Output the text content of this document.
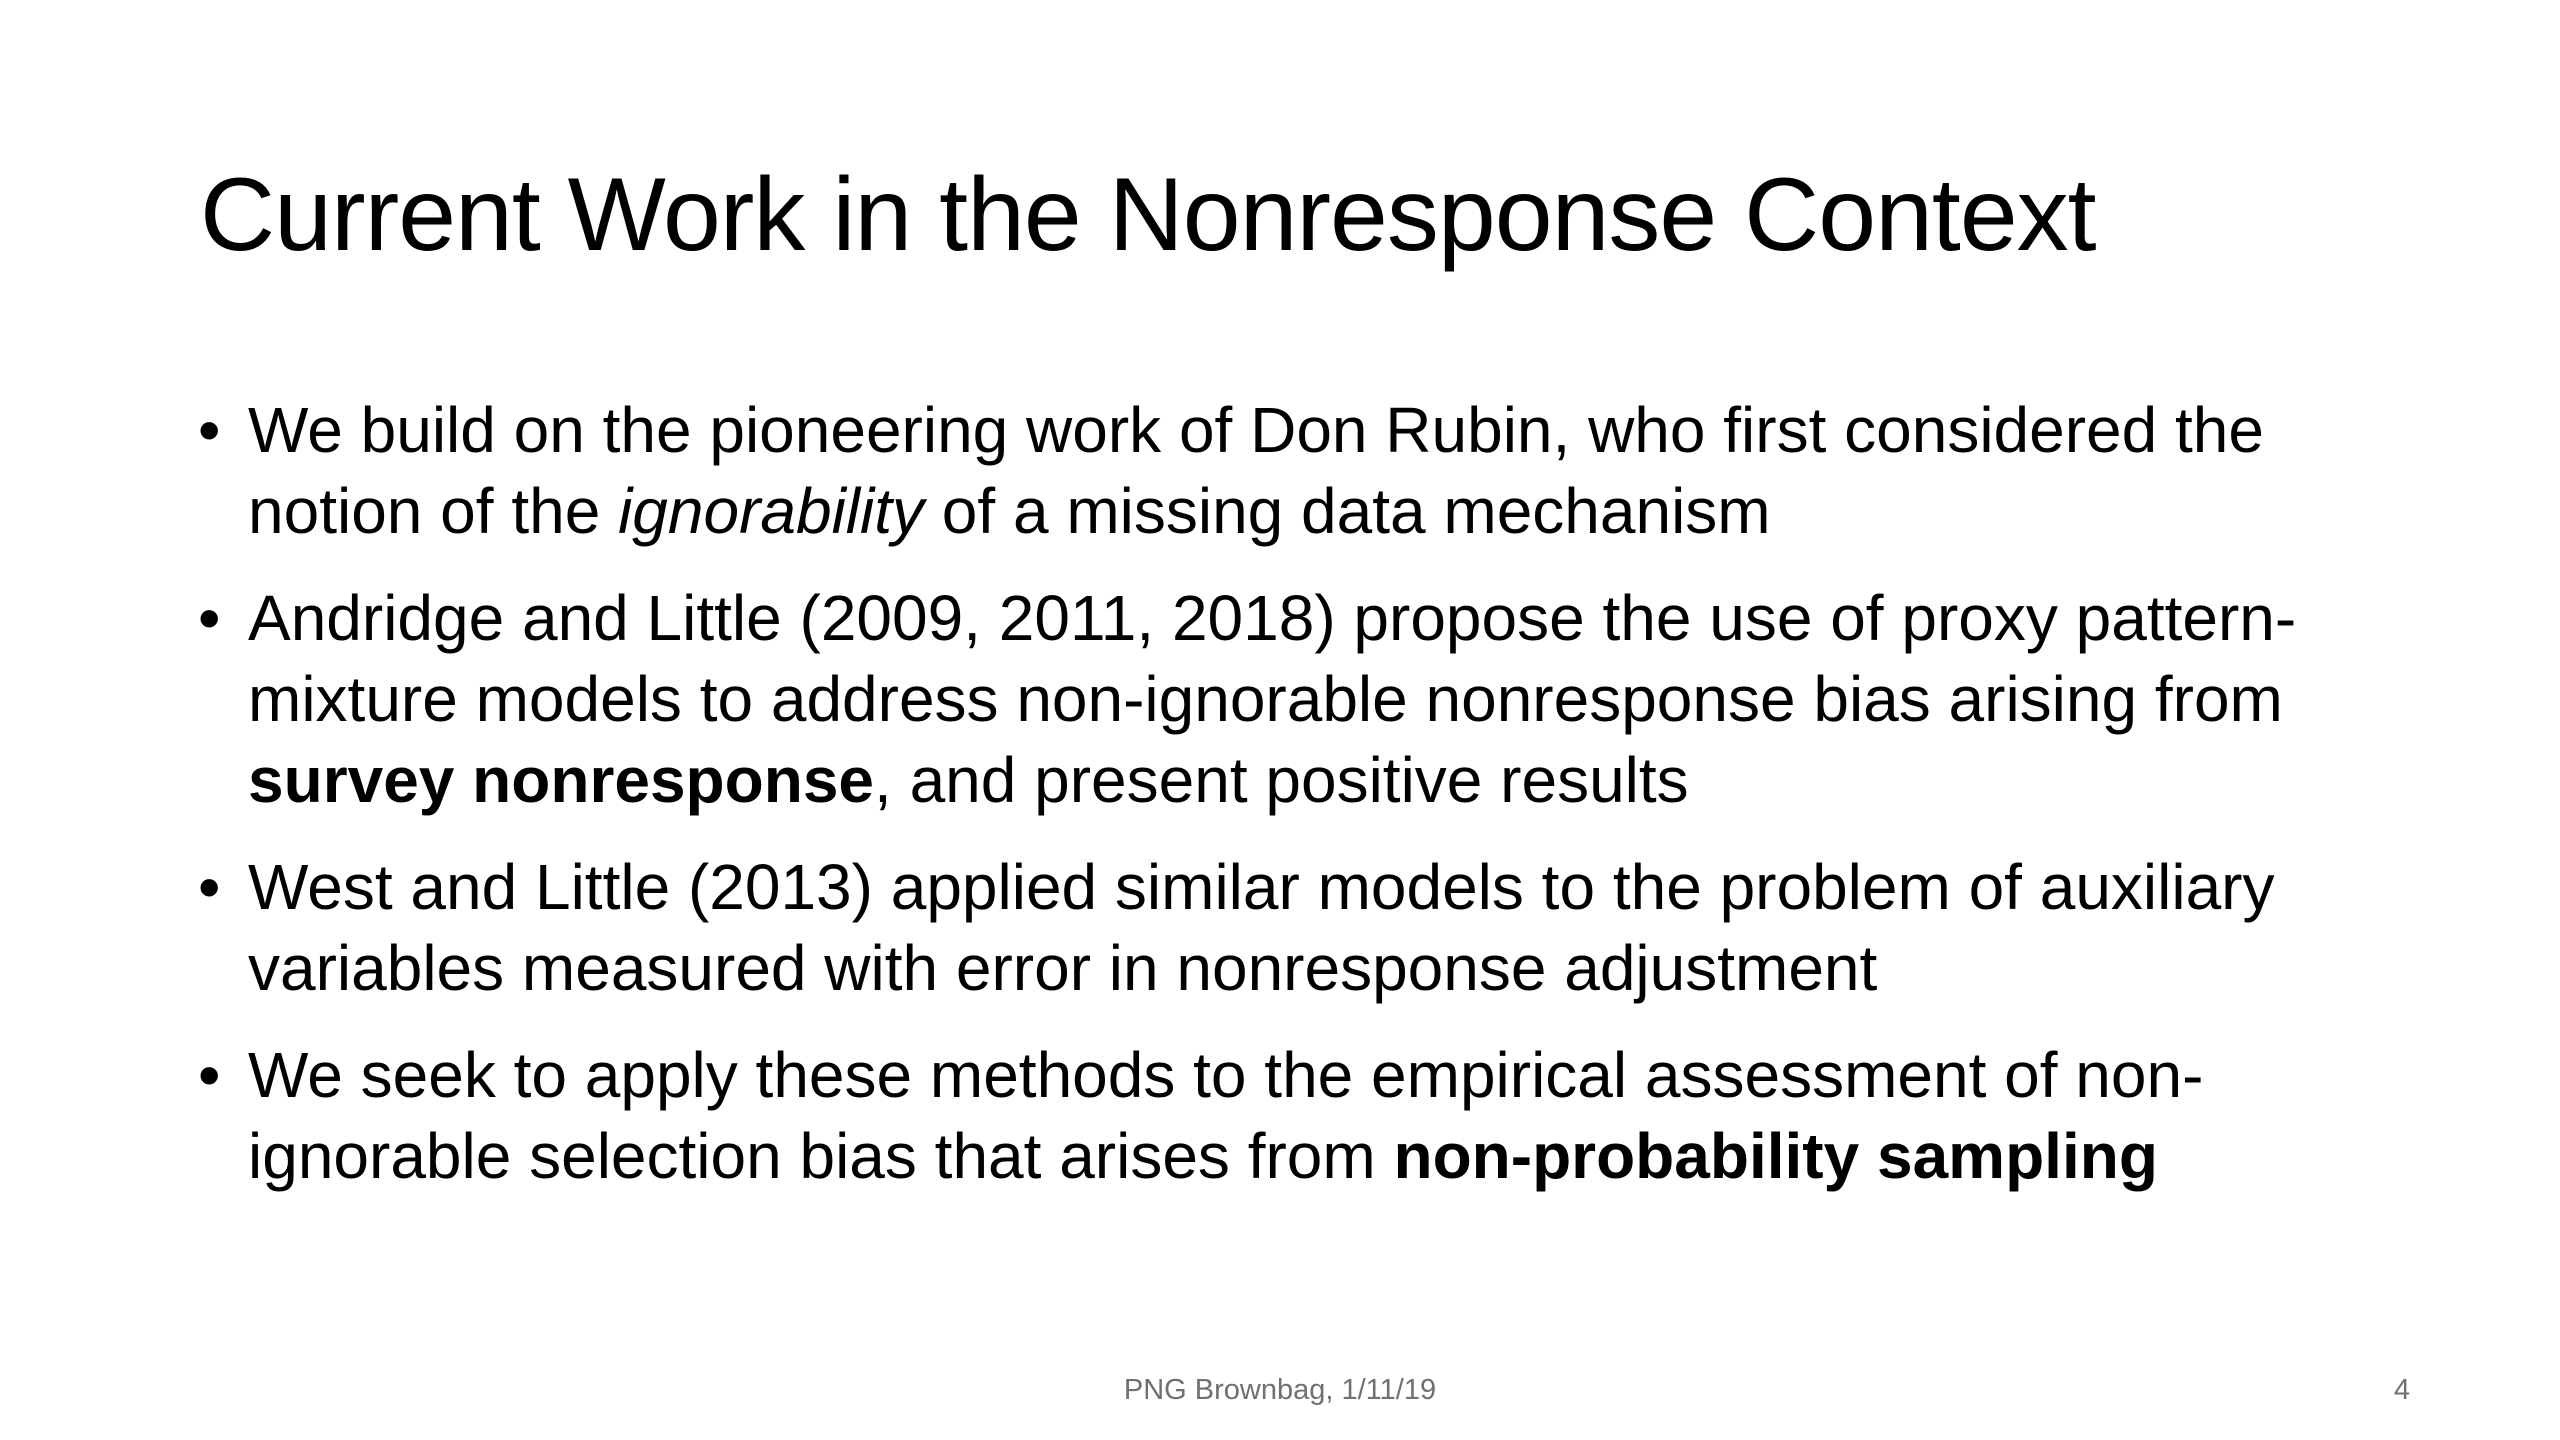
Current Work in the Nonresponse Context
• We build on the pioneering work of Don Rubin, who first considered the notion of the ignorability of a missing data mechanism
• Andridge and Little (2009, 2011, 2018) propose the use of proxy pattern-mixture models to address non-ignorable nonresponse bias arising from survey nonresponse, and present positive results
• West and Little (2013) applied similar models to the problem of auxiliary variables measured with error in nonresponse adjustment
• We seek to apply these methods to the empirical assessment of non-ignorable selection bias that arises from non-probability sampling
PNG Brownbag, 1/11/19	4
